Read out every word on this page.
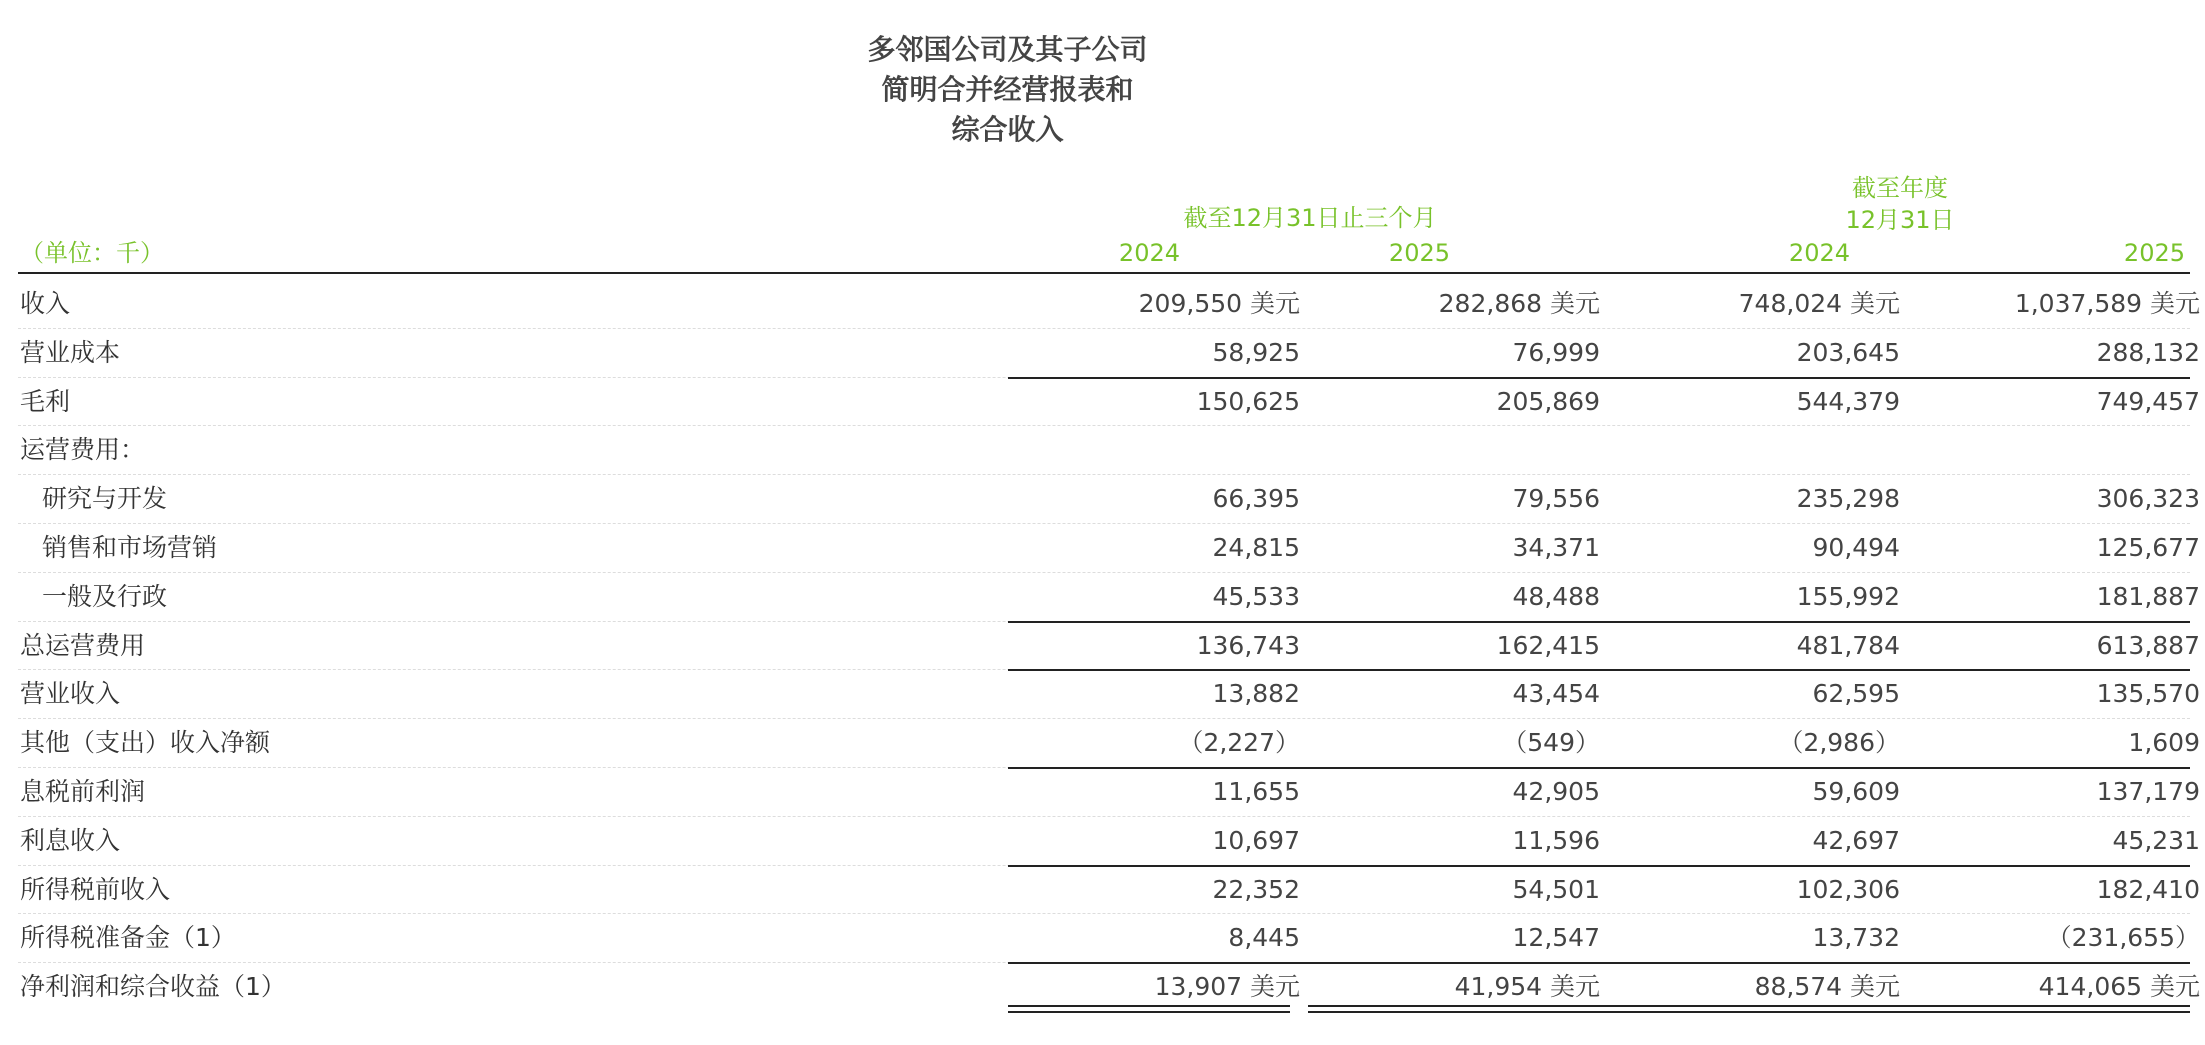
多邻国公司及其子公司
简明合并经营报表和
综合收入
（单位：千）
截至12月31日止三个月
截至年度
12月31日
2024	2025	2024	2025
收入	209,550 美元	282,868 美元	748,024 美元	1,037,589 美元
营业成本	58,925	76,999	203,645	288,132
毛利	150,625	205,869	544,379	749,457
运营费用：
研究与开发	66,395	79,556	235,298	306,323
销售和市场营销	24,815	34,371	90,494	125,677
一般及行政	45,533	48,488	155,992	181,887
总运营费用	136,743	162,415	481,784	613,887
营业收入	13,882	43,454	62,595	135,570
其他（支出）收入净额	（2,227）	（549）	（2,986）	1,609
息税前利润	11,655	42,905	59,609	137,179
利息收入	10,697	11,596	42,697	45,231
所得税前收入	22,352	54,501	102,306	182,410
所得税准备金（1）	8,445	12,547	13,732	（231,655）
净利润和综合收益（1）	13,907 美元	41,954 美元	88,574 美元	414,065 美元
